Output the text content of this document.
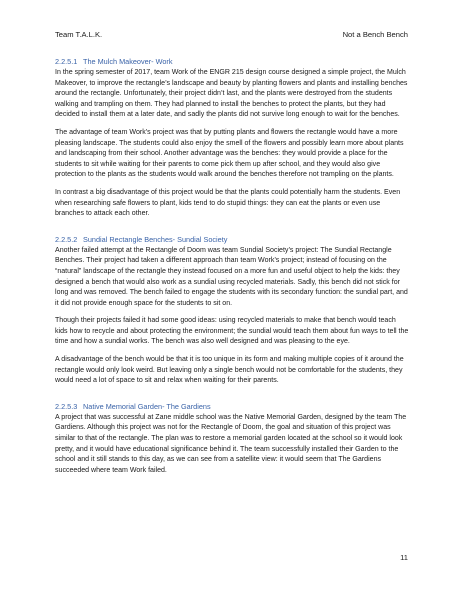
Team T.A.L.K.	Not a Bench Bench
2.2.5.1 The Mulch Makeover- Work

In the spring semester of 2017, team Work of the ENGR 215 design course designed a simple project, the Mulch Makeover, to improve the rectangle’s landscape and beauty by planting flowers and plants and installing benches around the rectangle. Unfortunately, their project didn’t last, and the plants were destroyed from the students walking and trampling on them. They had planned to install the benches to protect the plants, but they had decided to install them at a later date, and sadly the plants did not survive long enough to wait for the benches.

The advantage of team Work’s project was that by putting plants and flowers the rectangle would have a more pleasing landscape. The students could also enjoy the smell of the flowers and possibly learn more about plants and landscaping from their school. Another advantage was the benches: they would provide a place for the students to sit while waiting for their parents to come pick them up after school, and they would also give protection to the plants as the students would walk around the benches therefore not trampling on the plants.

In contrast a big disadvantage of this project would be that the plants could potentially harm the students. Even when researching safe flowers to plant, kids tend to do stupid things: they can eat the plants or even use branches to attack each other.

2.2.5.2 Sundial Rectangle Benches- Sundial Society

Another failed attempt at the Rectangle of Doom was team Sundial Society’s project: The Sundial Rectangle Benches. Their project had taken a different approach than team Work’s project; instead of focusing on the “natural” landscape of the rectangle they instead focused on a more fun and useful object to help the kids: they designed a bench that would also work as a sundial using recycled materials. Sadly, this bench did not stick for long and was removed. The bench failed to engage the students with its secondary function: the sundial part, and it did not provide enough space for the students to sit on.

Though their projects failed it had some good ideas: using recycled materials to make that bench would teach kids how to recycle and about protecting the environment; the sundial would teach them about fun ways to tell the time and how a sundial works. The bench was also well designed and was pleasing to the eye.

A disadvantage of the bench would be that it is too unique in its form and making multiple copies of it around the rectangle would only look weird. But leaving only a single bench would not be comfortable for the students, they would need a lot of space to sit and relax when waiting for their parents.

2.2.5.3 Native Memorial Garden- The Gardiens

A project that was successful at Zane middle school was the Native Memorial Garden, designed by the team The Gardiens. Although this project was not for the Rectangle of Doom, the goal and situation of this project was similar to that of the rectangle. The plan was to restore a memorial garden located at the school so it would look pretty, and it would have educational significance behind it. The team successfully installed their Garden to the school and it still stands to this day, as we can see from a satellite view: it would seem that The Gardiens succeeded where team Work failed.

11
